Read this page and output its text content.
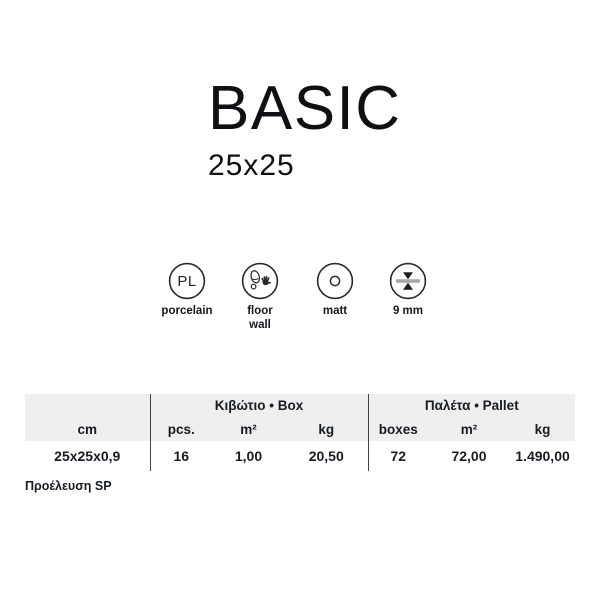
BASIC
25x25
PL
porcelain	floor
wall
matt	9 mm
	Κιβώτιο • Box			Παλέτα • Pallet		
cm	pcs.	m²	kg	boxes	m²	kg
25x25x0,9	16	1,00	20,50	72	72,00	1.490,00
Προέλευση SP
